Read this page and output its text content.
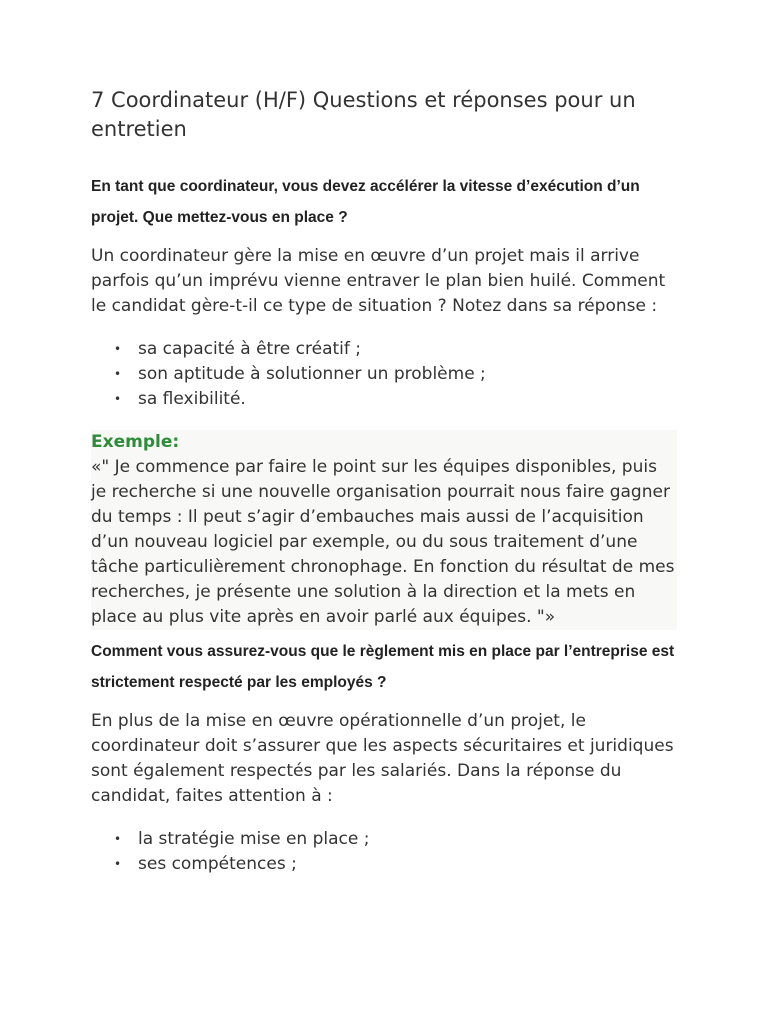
7 Coordinateur (H/F) Questions et réponses pour un entretien

En tant que coordinateur, vous devez accélérer la vitesse d’exécution d’un projet. Que mettez-vous en place ?

Un coordinateur gère la mise en œuvre d’un projet mais il arrive parfois qu’un imprévu vienne entraver le plan bien huilé. Comment le candidat gère-t-il ce type de situation ? Notez dans sa réponse :

• sa capacité à être créatif ;
• son aptitude à solutionner un problème ;
• sa flexibilité.
Exemple:

«" Je commence par faire le point sur les équipes disponibles, puis je recherche si une nouvelle organisation pourrait nous faire gagner du temps : Il peut s’agir d’embauches mais aussi de l’acquisition d’un nouveau logiciel par exemple, ou du sous traitement d’une tâche particulièrement chronophage. En fonction du résultat de mes recherches, je présente une solution à la direction et la mets en place au plus vite après en avoir parlé aux équipes. "»

Comment vous assurez-vous que le règlement mis en place par l’entreprise est strictement respecté par les employés ?

En plus de la mise en œuvre opérationnelle d’un projet, le coordinateur doit s’assurer que les aspects sécuritaires et juridiques sont également respectés par les salariés. Dans la réponse du candidat, faites attention à :

• la stratégie mise en place ;
• ses compétences ;
